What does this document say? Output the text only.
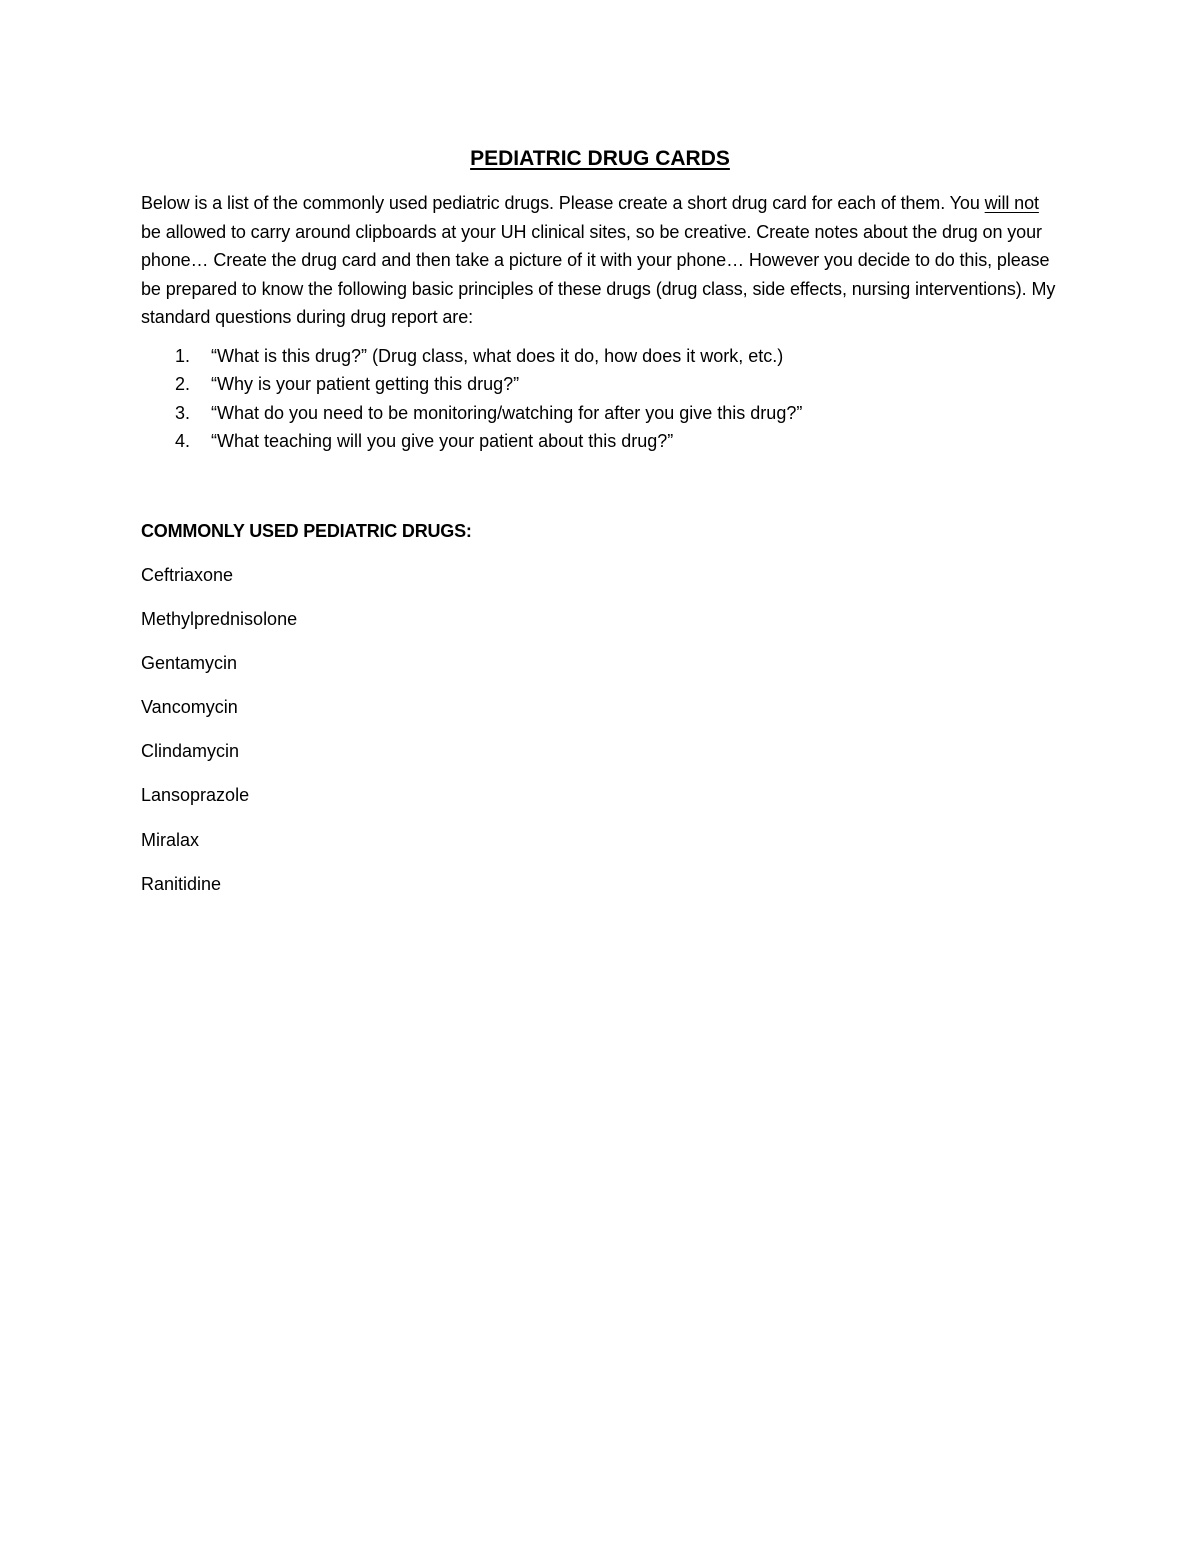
PEDIATRIC DRUG CARDS

Below is a list of the commonly used pediatric drugs. Please create a short drug card for each of them. You will not be allowed to carry around clipboards at your UH clinical sites, so be creative. Create notes about the drug on your phone… Create the drug card and then take a picture of it with your phone… However you decide to do this, please be prepared to know the following basic principles of these drugs (drug class, side effects, nursing interventions). My standard questions during drug report are:

1.	“What is this drug?” (Drug class, what does it do, how does it work, etc.)
2.	“Why is your patient getting this drug?”
3.	“What do you need to be monitoring/watching for after you give this drug?”
4.	“What teaching will you give your patient about this drug?”
COMMONLY USED PEDIATRIC DRUGS:
Ceftriaxone
Methylprednisolone
Gentamycin
Vancomycin
Clindamycin
Lansoprazole
Miralax
Ranitidine
